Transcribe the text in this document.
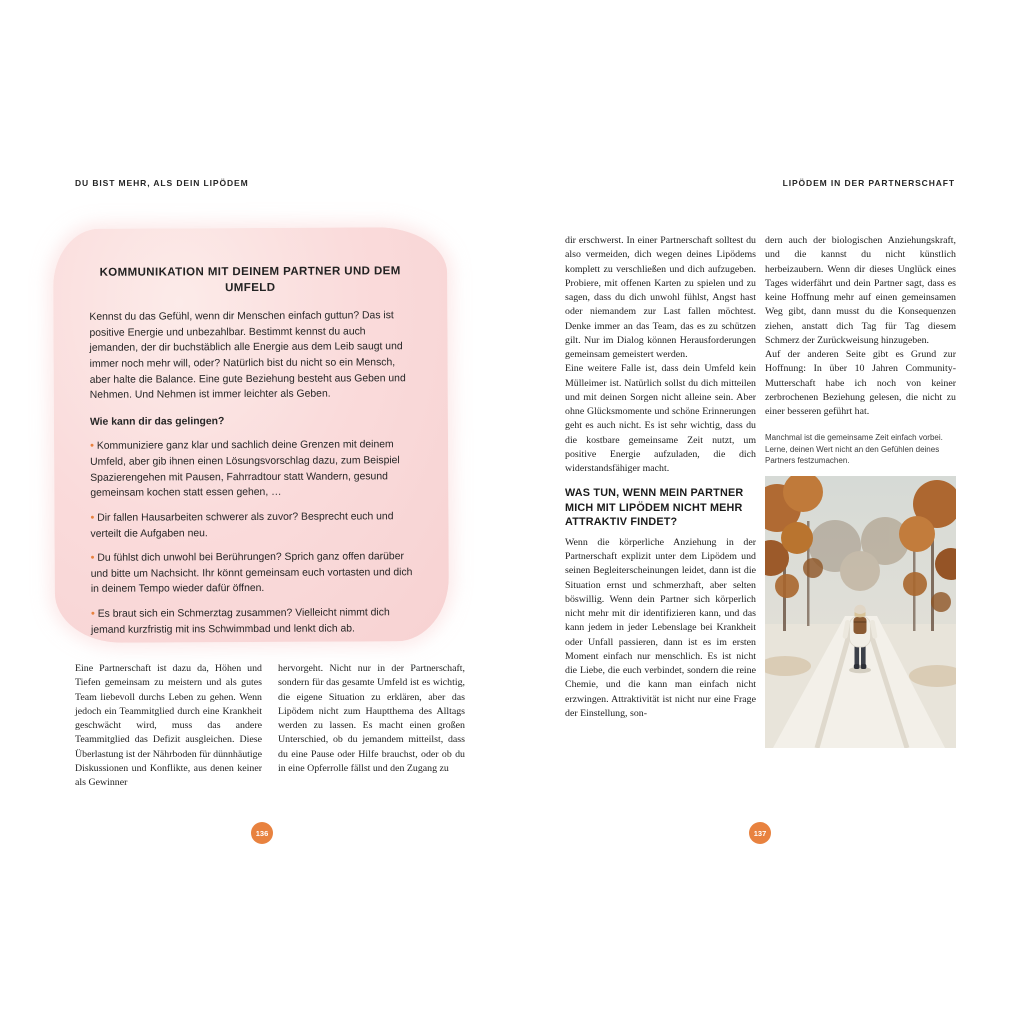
DU BIST MEHR, ALS DEIN LIPÖDEM	LIPÖDEM IN DER PARTNERSCHAFT
KOMMUNIKATION MIT DEINEM PARTNER UND DEM UMFELD

Kennst du das Gefühl, wenn dir Menschen einfach guttun? Das ist positive Energie und unbezahlbar. Bestimmt kennst du auch jemanden, der dir buchstäblich alle Energie aus dem Leib saugt und immer noch mehr will, oder? Natürlich bist du nicht so ein Mensch, aber halte die Balance. Eine gute Beziehung besteht aus Geben und Nehmen. Und Nehmen ist immer leichter als Geben.

Wie kann dir das gelingen?

• Kommuniziere ganz klar und sachlich deine Grenzen mit deinem Umfeld, aber gib ihnen einen Lösungsvorschlag dazu, zum Beispiel Spazierengehen mit Pausen, Fahrradtour statt Wandern, gesund gemeinsam kochen statt essen gehen, …

• Dir fallen Hausarbeiten schwerer als zuvor? Besprecht euch und verteilt die Aufgaben neu.

• Du fühlst dich unwohl bei Berührungen? Sprich ganz offen darüber und bitte um Nachsicht. Ihr könnt gemeinsam euch vortasten und dich in deinem Tempo wieder dafür öffnen.

• Es braut sich ein Schmerztag zusammen? Vielleicht nimmt dich jemand kurzfristig mit ins Schwimmbad und lenkt dich ab.

Eine Partnerschaft ist dazu da, Höhen und Tiefen gemeinsam zu meistern und als gutes Team liebevoll durchs Leben zu gehen. Wenn jedoch ein Teammitglied durch eine Krankheit geschwächt wird, muss das andere Teammitglied das Defizit ausgleichen. Diese Überlastung ist der Nährboden für dünnhäutige Diskussionen und Konflikte, aus denen keiner als Gewinner
hervorgeht. Nicht nur in der Partnerschaft, sondern für das gesamte Umfeld ist es wichtig, die eigene Situation zu erklären, aber das Lipödem nicht zum Hauptthema des Alltags werden zu lassen. Es macht einen großen Unterschied, ob du jemandem mitteilst, dass du eine Pause oder Hilfe brauchst, oder ob du in eine Opferrolle fällst und den Zugang zu
136

dir erschwerst. In einer Partnerschaft solltest du also vermeiden, dich wegen deines Lipödems komplett zu verschließen und dich aufzugeben. Probiere, mit offenen Karten zu spielen und zu sagen, dass du dich unwohl fühlst, Angst hast oder niemandem zur Last fallen möchtest. Denke immer an das Team, das es zu schützen gilt. Nur im Dialog können Herausforderungen gemeinsam gemeistert werden.

Eine weitere Falle ist, dass dein Umfeld kein Mülleimer ist. Natürlich sollst du dich mitteilen und mit deinen Sorgen nicht alleine sein. Aber ohne Glücksmomente und schöne Erinnerungen geht es auch nicht. Es ist sehr wichtig, dass du die kostbare gemeinsame Zeit nutzt, um positive Energie aufzuladen, die dich widerstandsfähiger macht.

WAS TUN, WENN MEIN PARTNER MICH MIT LIPÖDEM NICHT MEHR ATTRAKTIV FINDET?

Wenn die körperliche Anziehung in der Partnerschaft explizit unter dem Lipödem und seinen Begleiterscheinungen leidet, dann ist die Situation ernst und schmerzhaft, aber selten böswillig. Wenn dein Partner sich körperlich nicht mehr mit dir identifizieren kann, und das kann jedem in jeder Lebenslage bei Krankheit oder Unfall passieren, dann ist es im ersten Moment einfach nur menschlich. Es ist nicht die Liebe, die euch verbindet, sondern die reine Chemie, und die kann man einfach nicht erzwingen. Attraktivität ist nicht nur eine Frage der Einstellung, son-

dern auch der biologischen Anziehungskraft, und die kannst du nicht künstlich herbeizaubern. Wenn dir dieses Unglück eines Tages widerfährt und dein Partner sagt, dass es keine Hoffnung mehr auf einen gemeinsamen Weg gibt, dann musst du die Konsequenzen ziehen, anstatt dich Tag für Tag diesem Schmerz der Zurückweisung hinzugeben.

Auf der anderen Seite gibt es Grund zur Hoffnung: In über 10 Jahren Community-Mutterschaft habe ich noch von keiner zerbrochenen Beziehung gelesen, die nicht zu einer besseren geführt hat.

Manchmal ist die gemeinsame Zeit einfach vorbei. Lerne, deinen Wert nicht an den Gefühlen deines Partners festzumachen.

137
